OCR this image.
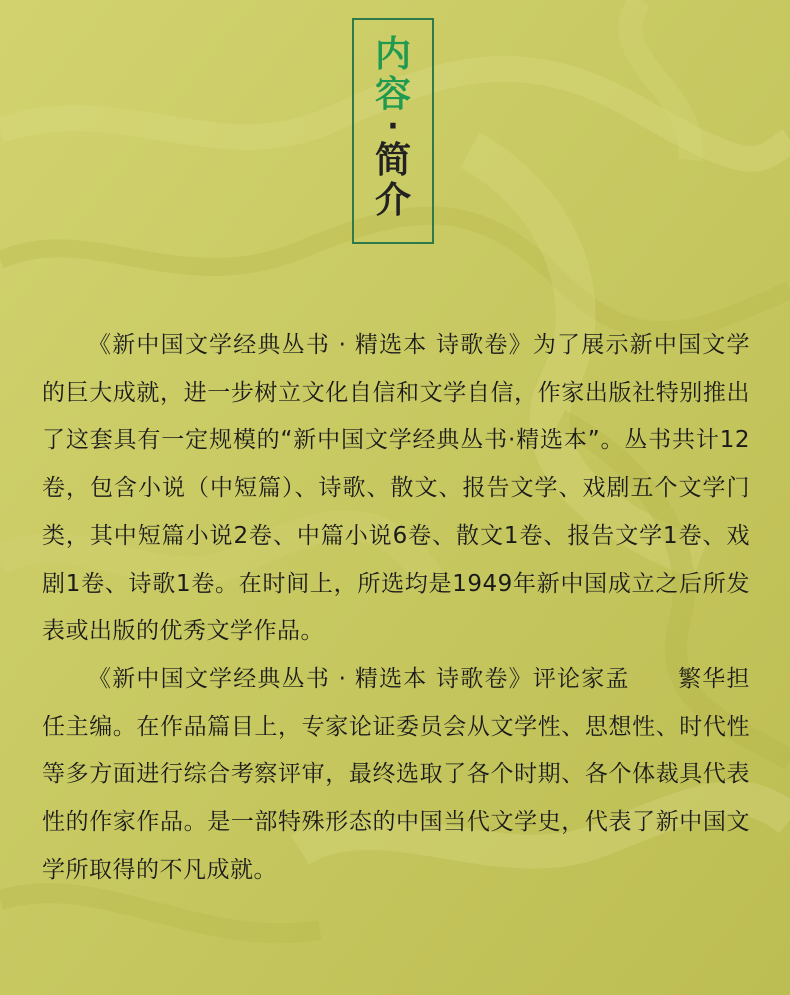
内
容
·
简
介

《新中国文学经典丛书 · 精选本 诗歌卷》为了展示新中国文学的巨大成就，进一步树立文化自信和文学自信，作家出版社特别推出了这套具有一定规模的“新中国文学经典丛书·精选本”。丛书共计12卷，包含小说（中短篇）、诗歌、散文、报告文学、戏剧五个文学门类，其中短篇小说2卷、中篇小说6卷、散文1卷、报告文学1卷、戏剧1卷、诗歌1卷。在时间上，所选均是1949年新中国成立之后所发表或出版的优秀文学作品。

《新中国文学经典丛书 · 精选本 诗歌卷》评论家孟　　繁华担任主编。在作品篇目上，专家论证委员会从文学性、思想性、时代性等多方面进行综合考察评审，最终选取了各个时期、各个体裁具代表性的作家作品。是一部特殊形态的中国当代文学史，代表了新中国文学所取得的不凡成就。
